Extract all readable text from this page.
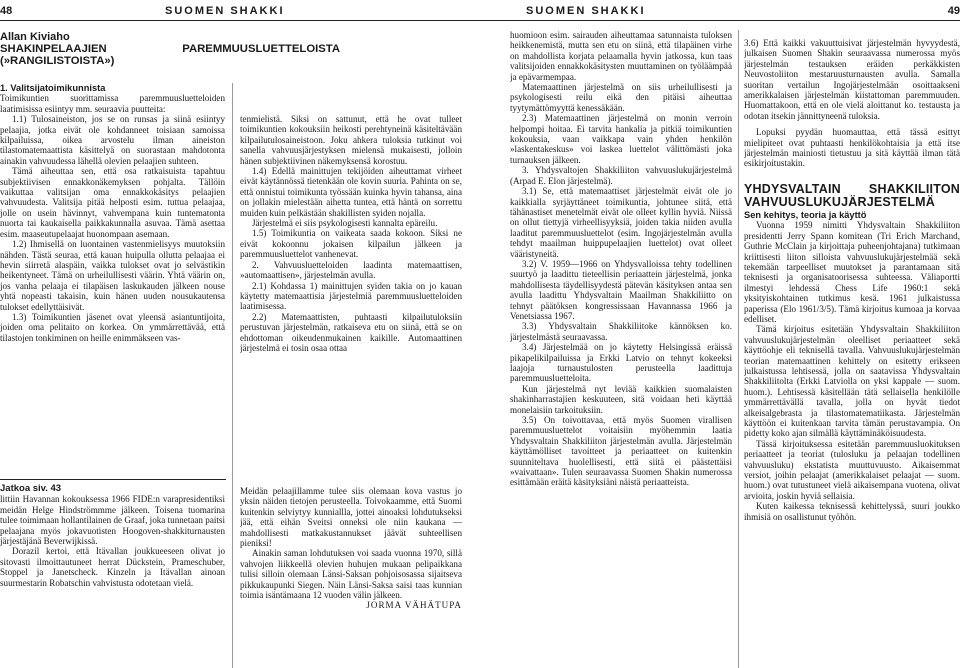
48	SUOMEN SHAKKI
Allan Kiviaho
SHAKINPELAAJIEN PAREMMUUSLUETTELOISTA (»RANGILISTOISTA»)
1. Valitsijatoimikunnista

Toimikuntien suorittamissa paremmuusluetteloiden laatimisissa esiintyy mm. seuraavia puutteita:

1.1) Tulosaineiston, jos se on runsas ja siinä esiintyy pelaajia, jotka eivät ole kohdanneet toisiaan samoissa kilpailuissa, oikea arvostelu ilman aineiston tilastomatemaattista käsittelyä on suorastaan mahdotonta ainakin vahvuudessa lähellä olevien pelaajien suhteen.

Tämä aiheuttaa sen, että osa ratkaisuista tapahtuu subjektiivisen ennakkonäkemyksen pohjalta. Tällöin vaikuttaa valitsijan oma ennakkokäsitys pelaajien vahvuudesta. Valitsija pitää helposti esim. tuttua pelaajaa, jolle on usein hävinnyt, vahvempana kuin tuntematonta nuorta tai kaukaisella paikkakunnalla asuvaa. Tämä asettaa esim. maaseutupelaajat huonompaan asemaan.

1.2) Ihmisellä on luontainen vastenmielisyys muutoksiin nähden. Tästä seuraa, että kauan huipulla ollutta pelaajaa ei hevin siirretä alaspäin, vaikka tulokset ovat jo selvästikin heikentyneet. Tämä on urheilullisesti väärin. Yhtä väärin on, jos vanha pelaaja ei tilapäisen laskukauden jälkeen nouse yhtä nopeasti takaisin, kuin hänen uuden nousukautensa tulokset edellyttäisivät.

1.3) Toimikuntien jäsenet ovat yleensä asiantuntijoita, joiden oma pelitaito on korkea. On ymmärrettävää, että tilastojen tonkiminen on heille enimmäkseen vas-

tenmielistä. Siksi on sattunut, että he ovat tulleet toimikuntien kokouksiin heikosti perehtyneinä käsiteltävään kilpailutulosaineistoon. Joku ahkera tuloksia tutkinut voi sanella vahvuusjärjestyksen mielensä mukaisesti, jolloin hänen subjektiivinen näkemyksensä korostuu.

1.4) Edellä mainittujen tekijöiden aiheuttamat virheet eivät käytännössä tietenkään ole kovin suuria. Pahinta on se, että onnistui toimikunta työssään kuinka hyvin tahansa, aina on jollakin mielestään aihetta tuntea, että häntä on sorrettu muiden kuin pelkästään shakillisten syiden nojalla.

Järjestelmä ei siis psykologisesti kannalta epäreilu.

1.5) Toimikuntia on vaikeata saada kokoon. Siksi ne eivät kokoonnu jokaisen kilpailun jälkeen ja paremmuusluettelot vanhenevat.

2. Vahvuusluetteloiden laadinta matemaattisen, »automaattisen», järjestelmän avulla.

2.1) Kohdassa 1) mainittujen syiden takia on jo kauan käytetty matemaattisia järjestelmiä paremmuusluetteloiden laatimisessa.

2.2) Matemaattisten, puhtaasti kilpailutuloksiin perustuvan järjestelmän, ratkaiseva etu on siinä, että se on ehdottoman oikeudenmukainen kaikille. Automaattinen järjestelmä ei tosin osaa ottaa

Jatkoa siv. 43

littiin Havannan kokouksessa 1966 FIDE:n varapresidentiksi meidän Helge Hindströmmme jälkeen. Toisena tuomarina tulee toimimaan hollantilainen de Graaf, joka tunnetaan paitsi pelaajana myös jokavuotisten Hoogoven-shakkiturnausten järjestäjänä Beverwijkissä.

Dorazil kertoi, että Itävallan joukkueeseen olivat jo sitovasti ilmoittautuneet herrat Dückstein, Prameschuber, Stoppel ja Janetscheck. Kinzeln ja Itävallan ainoan suurmestarin Robatschin vahvistusta odotetaan vielä.

Meidän pelaajillamme tulee siis olemaan kova vastus jo yksin näiden tietojen perusteella. Toivokaamme, että Suomi kuitenkin selviytyy kunniallla, jottei ainoaksi lohdutukseksi jää, että eihän Sveitsi onneksi ole niin kaukana — mahdollisesti matkakustannukset jäävät suhteellisen pieniksi!

Ainakin saman lohdutuksen voi saada vuonna 1970, sillä vahvojen liikkeellä olevien huhujen mukaan pelipaikkana tulisi silloin olemaan Länsi-Saksan pohjoisosassa sijaitseva pikkukaupunki Siegen. Näin Länsi-Saksa saisi taas kunnian toimia isäntämaana 12 vuoden välin jälkeen.

JORMA VÄHÄTUPA
SUOMEN SHAKKI	49

huomioon esim. sairauden aiheuttamaa satunnaista tuloksen heikkenemistä, mutta sen etu on siinä, että tilapäinen virhe on mahdollista korjata pelaamalla hyvin jatkossa, kun taas valitsijoiden ennakkokäsitysten muuttaminen on työläämpää ja epävarmempaa.

Matemaattinen järjestelmä on siis urheilullisesti ja psykologisesti reilu eikä den pitäisi aiheuttaa tyytymättömyyttä kenessäkään.

2.3) Matemaattinen järjestelmä on monin verroin helpompi hoitaa. Ei tarvita hankalia ja pitkiä toimikuntien kokouksia, vaan vaikkapa vain yhden henkilön »laskentakeskus» voi laskea luettelot välittömästi joka turnauksen jälkeen.

3. Yhdysvaltojen Shakkiliiton vahvuuslukujärjestelmä (Arpad E. Elon järjestelmä).

3.1) Se, että matemaattiset järjestelmät eivät ole jo kaikkialla syrjäyttäneet toimikuntia, johtunee siitä, että tähänastiset menetelmät eivät ole olleet kyllin hyviä. Niissä on ollut tiettyjä virheellisyyksiä, joiden takia niiden avulla laaditut paremmuusluettelot (esim. Ingojärjestelmän avulla tehdyt maailman huippupelaajien luettelot) ovat olleet vääristyneitä.

3.2) V. 1959—1966 on Yhdysvalloissa tehty todellinen suurtyö ja laadittu tieteellisin periaattein järjestelmä, jonka mahdollisesta täydellisyydestä pätevän käsityksen antaa sen avulla laadittu Yhdysvaltain Maailman Shakkiliitto on tehnyt päätöksen kongressissaan Havannassa 1966 ja Venetsiassa 1967.

3.3) Yhdysvaltain Shakkiliitoke kännöksen ko. järjestelmästä seuraavassa.

3.4) Järjestelmää on jo käytetty Helsingissä eräissä pikapelikilpailuissa ja Erkki Latvio on tehnyt kokeeksi laajoja turnaustulosten perusteella laadittuja paremmuusluetteloita.

Kun järjestelmä nyt leviää kaikkien suomalaisten shakinharrastajien keskuuteen, sitä voidaan heti käyttää monelaisiin tarkoituksiin.

3.5) On toivottavaa, että myös Suomen virallisen paremmuusluettelot voitaisiin myöhemmin laatia Yhdysvaltain Shakkiliiton järjestelmän avulla. Järjestelmän käyttämölliset tavoitteet ja periaatteet on kuitenkin suunniteltava huolellisesti, että siitä ei päästettäisi »vaivattaan». Tulen seuraavassa Suomen Shakin numerossa esittämään eräitä käsityksiäni näistä periaatteista.

3.6) Että kaikki vakuuttuisivat järjestelmän hyvyydestä, julkaisen Suomen Shakin seuraavassa numerossa myös järjestelmän testauksen eräiden perkäkkisten Neuvostoliiton mestaruusturnausten avulla. Samalla suoritan vertailun Ingojärjestelmään osoittaakseni amerikkalaisen järjestelmän kiistattoman paremmuuden. Huomattakoon, että en ole vielä aloittanut ko. testausta ja odotan itsekin jännittyneenä tuloksia.

Lopuksi pyydän huomauttaa, että tässä esittyt mielipiteet ovat puhtaasti henkilökohtaisia ja että itse järjestelmän mainiosti tietustuu ja sitä käyttää ilman tätä esikirjoitustakin.

YHDYSVALTAIN SHAKKILIITON VAHVUUSLUKUJÄRJESTELMÄ
Sen kehitys, teoria ja käyttö

Vuonna 1959 nimitti Yhdysvaltain Shakkiliiton presidentti Jerry Spann komitean (Tri Erich Marchand, Guthrie McClain ja kirjoittaja puheenjohtajana) tutkimaan kriittisesti liiton silloista vahvuuslukujärjestelmää sekä tekemään tarpeelliset muutokset ja parantamaan sitä teknisesti ja organisatoorisessa suhteessa. Väliaportti ilmestyi lehdessä Chess Life 1960:1 sekä yksityiskohtainen tutkimus kesä. 1961 julkaistussa paperissa (Elo 1961/3/5). Tämä kirjoitus kumoaa ja korvaa edelliset.

Tämä kirjoitus esitetään Yhdysvaltain Shakkiliiton vahvuuslukujärjestelmän oleelliset periaatteet sekä käyttöohje eli teknisellä tavalla. Vahvuuslukujärjestelmän teorian matemaattinen kehittely on esitetty erikseen julkaistussa lehtisessä, jolla on saatavissa Yhdysvaltain Shakkiliitolta (Erkki Latviolla on yksi kappale — suom. huom.). Lehtisessä käsitellään tätä sellaisella henkilölle ymmärrettävällä tavalla, jolla on hyvät tiedot alkeisalgebrasta ja tilastomatematiikasta. Järjestelmän käyttöön ei kuitenkaan tarvita tämän perustavampia. On pidetty koko ajan silmällä käyttäminäköisuudesta.

Tässä kirjoituksessa esitetään paremmuusluokituksen periaatteet ja teoriat (tulosluku ja pelaajan todellinen vahvuusluku) ekstatista muuttuvuusto. Aikaisemmat versiot, joihin pelaajat (amerikkalaiset pelaajat — suom. huom.) ovat tutustuneet vielä aikaisempana vuotena, olivat arvioita, joskin hyviä sellaisia.

Kuten kaikessa teknisessä kehittelyssä, suuri joukko ihmisiä on osallistunut työhön.
